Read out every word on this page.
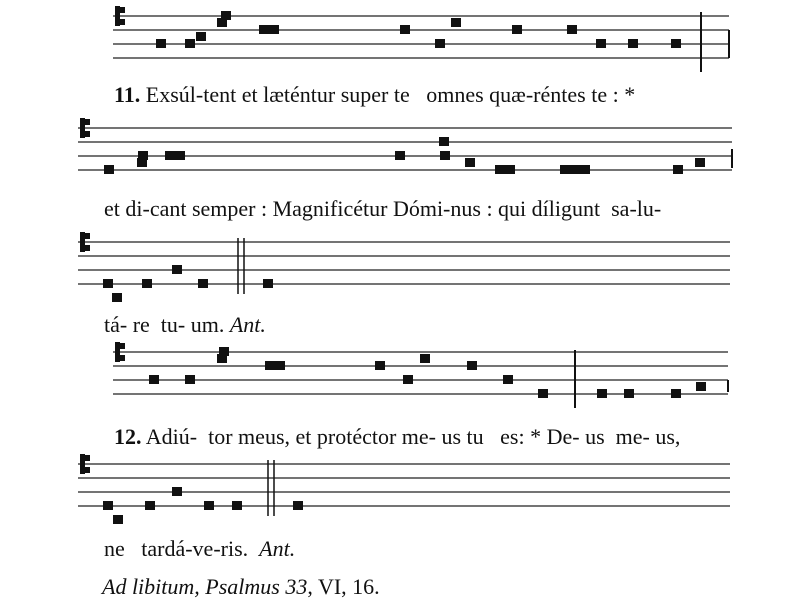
11. Exsúl-tent et læténtur super te   omnes quæ-réntes te : *

et di-cant semper : Magnificétur Dómi-nus : qui díligunt  sa-lu-

tá- re  tu- um. Ant.

12. Adiú-  tor meus, et protéctor me- us tu   es: * De- us  me- us,

ne   tardá-ve-ris.  Ant.

Ad libitum, Psalmus 33, VI, 16.
